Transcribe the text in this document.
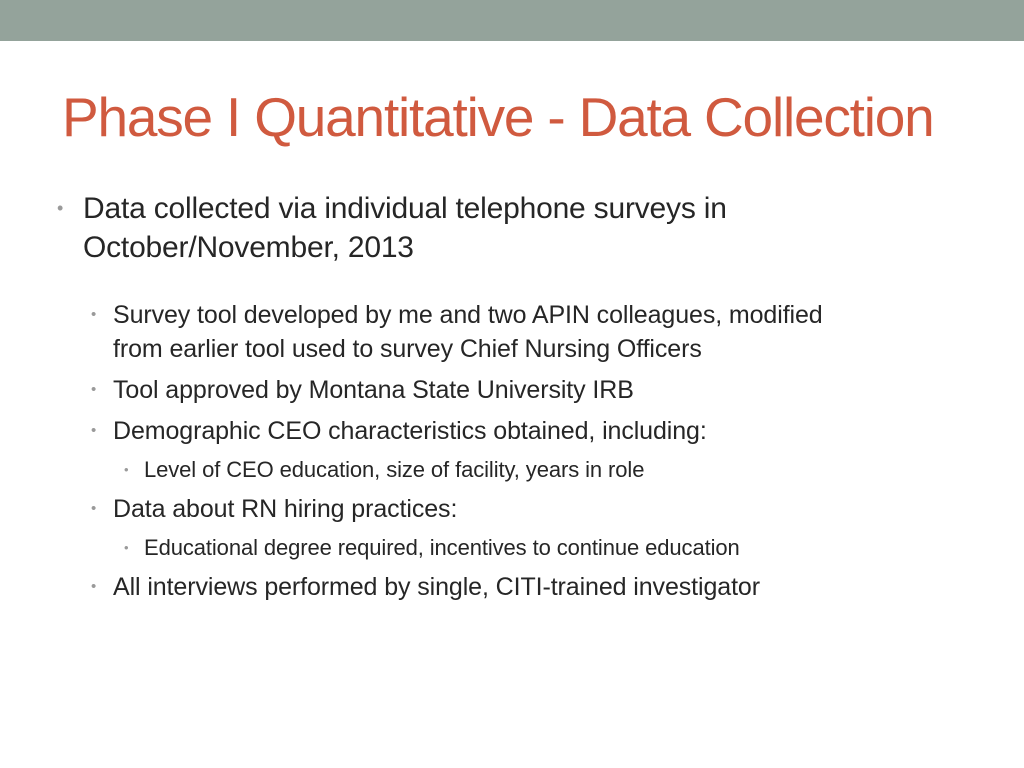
Phase I Quantitative - Data Collection
• Data collected via individual telephone surveys in
October/November, 2013
• Survey tool developed by me and two APIN colleagues, modified
from earlier tool used to survey Chief Nursing Officers
• Tool approved by Montana State University IRB
• Demographic CEO characteristics obtained, including:
• Level of CEO education, size of facility, years in role
• Data about RN hiring practices:
• Educational degree required, incentives to continue education
• All interviews performed by single, CITI-trained investigator
